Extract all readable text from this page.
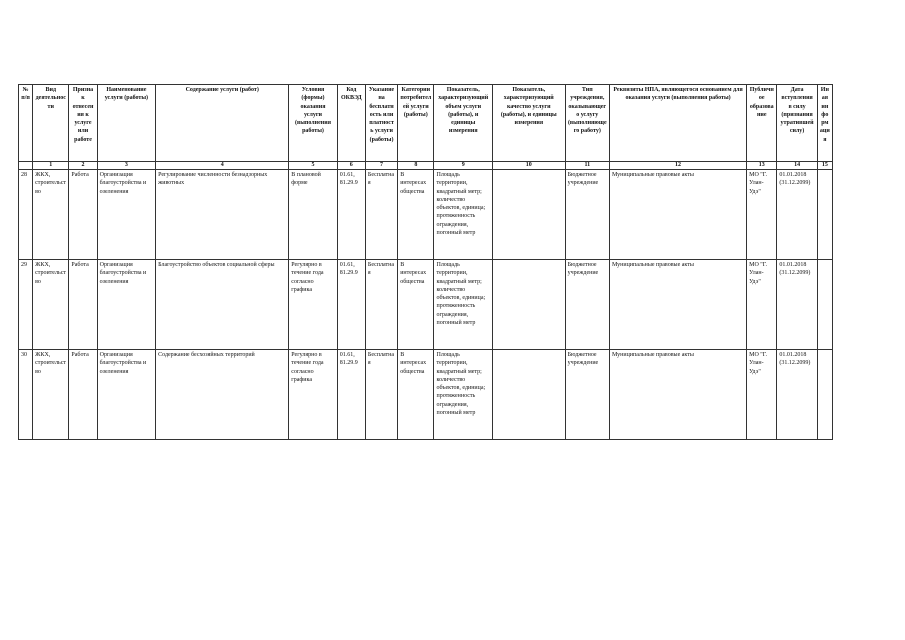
№ п/п	Вид деятельности	Признак отнесения к услуге или работе	Наименование услуги (работы)	Содержание услуги (работ)	Условия (формы) оказания услуги (выполнения работы)	Код ОКВЭД	Указание на бесплатность или платность услуги (работы)	Категории потребителей услуги (работы)	Показатель, характеризующий объем услуги (работы), и единицы измерения	Показатель, характеризующий качество услуги (работы), и единицы измерения	Тип учреждения, оказывающего услугу (выполняющего работу)	Реквизиты НПА, являющегося основанием для оказания услуги (выполнения работы)	Публичное образование	Дата вступления в силу (признания утратившей силу)	Иная информация
	1	2	3	4	5	6	7	8	9	10	11	12	13	14	15
28	ЖКХ, строительство	Работа	Организация благоустройства и озеленения	Регулирование численности безнадзорных животных	В плановой форме	01.61, 81.29.9	Бесплатная	В интересах общества	Площадь территории, квадратный метр; количество объектов, единица; протяженность ограждения, погонный метр		Бюджетное учреждение	Муниципальные правовые акты	МО "Г. Улан-Удэ"	01.01.2018 (31.12.2099)	
29	ЖКХ, строительство	Работа	Организация благоустройства и озеленения	Благоустройство объектов социальной сферы	Регулярно в течение года согласно графика	01.61, 81.29.9	Бесплатная	В интересах общества	Площадь территории, квадратный метр; количество объектов, единица; протяженность ограждения, погонный метр		Бюджетное учреждение	Муниципальные правовые акты	МО "Г. Улан-Удэ"	01.01.2018 (31.12.2099)	
30	ЖКХ, строительство	Работа	Организация благоустройства и озеленения	Содержание бесхозяйных территорий	Регулярно в течение года согласно графика	01.61, 81.29.9	Бесплатная	В интересах общества	Площадь территории, квадратный метр; количество объектов, единица; протяженность ограждения, погонный метр		Бюджетное учреждение	Муниципальные правовые акты	МО "Г. Улан-Удэ"	01.01.2018 (31.12.2099)	
